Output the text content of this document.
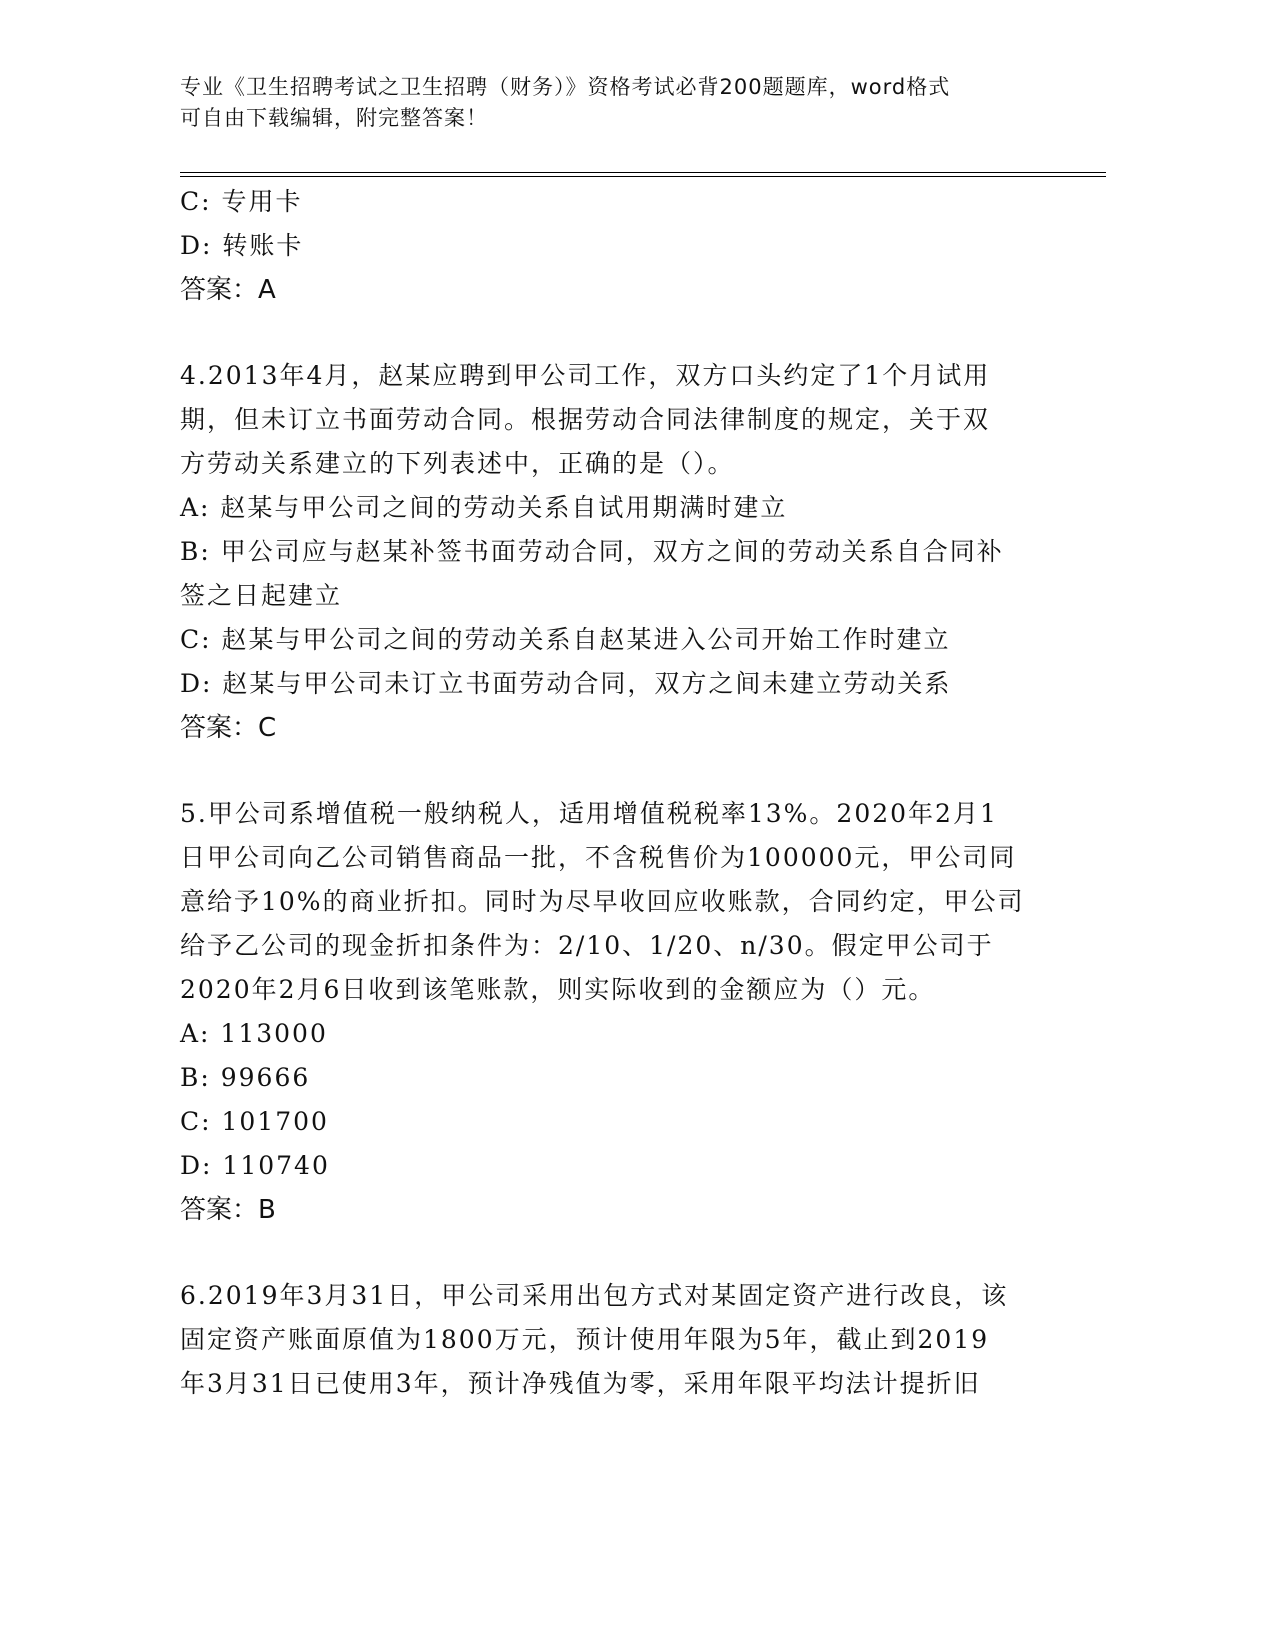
专业《卫生招聘考试之卫生招聘（财务）》资格考试必背200题题库，word格式
可自由下载编辑，附完整答案！
C: 专用卡
D: 转账卡
答案：A
4.2013年4月，赵某应聘到甲公司工作，双方口头约定了1个月试用
期，但未订立书面劳动合同。根据劳动合同法律制度的规定，关于双
方劳动关系建立的下列表述中，正确的是（）。
A: 赵某与甲公司之间的劳动关系自试用期满时建立
B: 甲公司应与赵某补签书面劳动合同，双方之间的劳动关系自合同补
签之日起建立
C: 赵某与甲公司之间的劳动关系自赵某进入公司开始工作时建立
D: 赵某与甲公司未订立书面劳动合同，双方之间未建立劳动关系
答案：C
5.甲公司系增值税一般纳税人，适用增值税税率13%。2020年2月1
日甲公司向乙公司销售商品一批，不含税售价为100000元，甲公司同
意给予10%的商业折扣。同时为尽早收回应收账款，合同约定，甲公司
给予乙公司的现金折扣条件为：2/10、1/20、n/30。假定甲公司于
2020年2月6日收到该笔账款，则实际收到的金额应为（）元。
A: 113000
B: 99666
C: 101700
D: 110740
答案：B
6.2019年3月31日，甲公司采用出包方式对某固定资产进行改良，该
固定资产账面原值为1800万元，预计使用年限为5年，截止到2019
年3月31日已使用3年，预计净残值为零，采用年限平均法计提折旧
